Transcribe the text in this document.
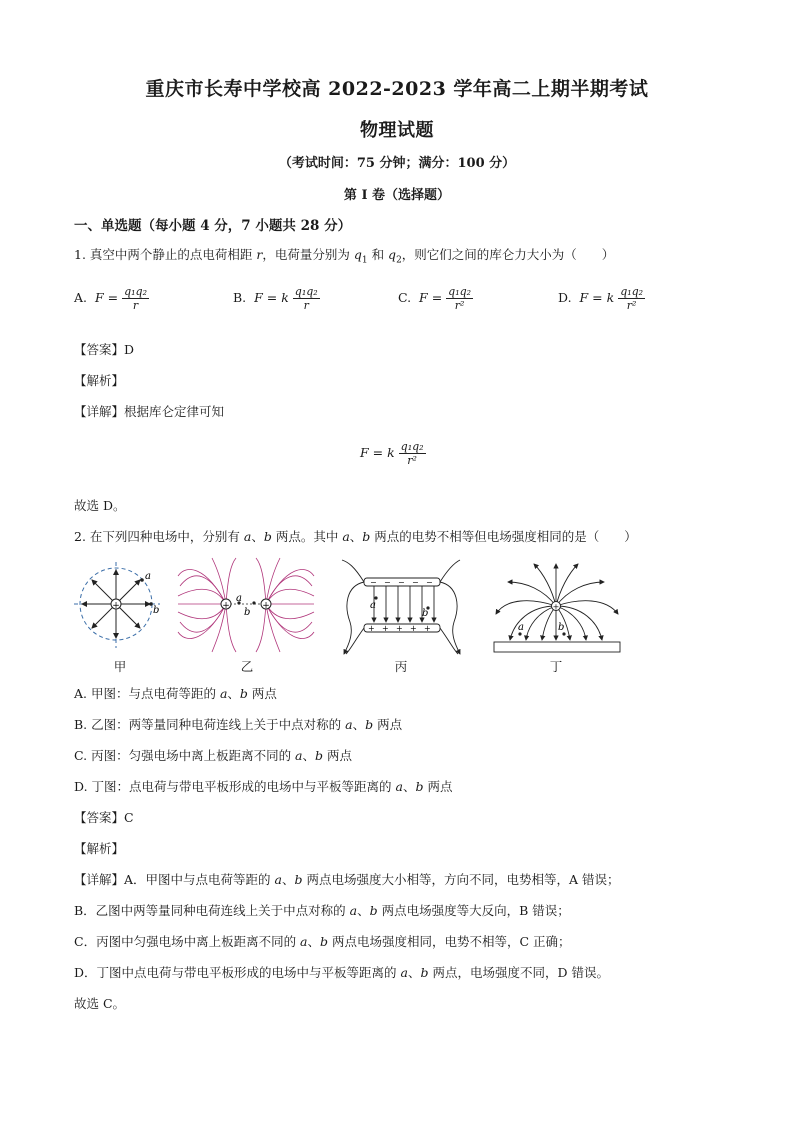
重庆市长寿中学校高 2022-2023 学年高二上期半期考试
物理试题
（考试时间：75 分钟；满分：100 分）
第 I 卷（选择题）
一、单选题（每小题 4 分，7 小题共 28 分）
1. 真空中两个静止的点电荷相距 r，电荷量分别为 $q_1$ 和 $q_2$，则它们之间的库仑力大小为（　　）
A. $F = \frac{\text{q₁q₂}}{r}$	B. F = k $\frac{\text{q₁q₂}}{r}$	C. $F = \frac{\text{q₁q₂}}{\text{r²}}$	D. F = k $\frac{\text{q₁q₂}}{\text{r²}}$
【答案】D
【解析】
【详解】根据库仑定律可知
F = k $\frac{\text{q₁q₂}}{\text{r²}}$
故选 D。
2. 在下列四种电场中，分别有 a、b 两点。其中 a、b 两点的电势不相等但电场强度相同的是（　　）
+
a
b
甲
+	+
a
b
乙
− − − − −
+ + + + +
a
b
丙
+
a	b
丁
A. 甲图：与点电荷等距的 a、b 两点
B. 乙图：两等量同种电荷连线上关于中点对称的 a、b 两点
C. 丙图：匀强电场中离上板距离不同的 a、b 两点
D. 丁图：点电荷与带电平板形成的电场中与平板等距离的 a、b 两点
【答案】C
【解析】
【详解】A．甲图中与点电荷等距的 a、b 两点电场强度大小相等，方向不同，电势相等，A 错误；
B．乙图中两等量同种电荷连线上关于中点对称的 a、b 两点电场强度等大反向，B 错误；
C．丙图中匀强电场中离上板距离不同的 a、b 两点电场强度相同，电势不相等，C 正确；
D．丁图中点电荷与带电平板形成的电场中与平板等距离的 a、b 两点，电场强度不同，D 错误。
故选 C。
